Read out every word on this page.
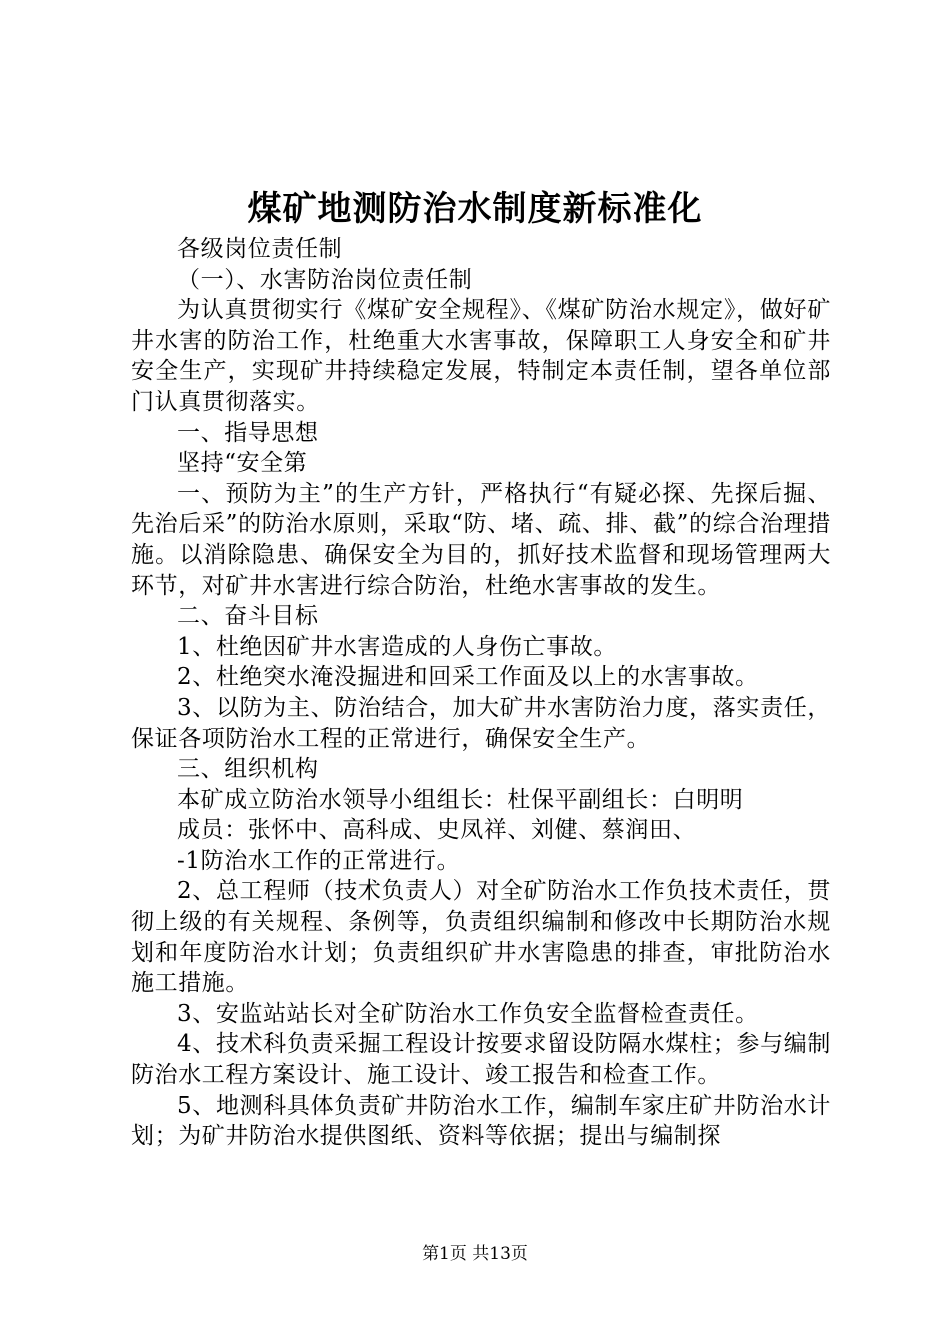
煤矿地测防治水制度新标准化

各级岗位责任制

（一）、水害防治岗位责任制

为认真贯彻实行《煤矿安全规程》、《煤矿防治水规定》，做好矿井水害的防治工作，杜绝重大水害事故，保障职工人身安全和矿井安全生产，实现矿井持续稳定发展，特制定本责任制，望各单位部门认真贯彻落实。

一、指导思想

坚持“安全第

一、预防为主”的生产方针，严格执行“有疑必探、先探后掘、先治后采”的防治水原则，采取“防、堵、疏、排、截”的综合治理措施。以消除隐患、确保安全为目的，抓好技术监督和现场管理两大环节，对矿井水害进行综合防治，杜绝水害事故的发生。

二、奋斗目标

1、杜绝因矿井水害造成的人身伤亡事故。

2、杜绝突水淹没掘进和回采工作面及以上的水害事故。

3、以防为主、防治结合，加大矿井水害防治力度，落实责任，保证各项防治水工程的正常进行，确保安全生产。

三、组织机构

本矿成立防治水领导小组组长：杜保平副组长：白明明

成员：张怀中、高科成、史凤祥、刘健、蔡润田、

-1防治水工作的正常进行。

2、总工程师（技术负责人）对全矿防治水工作负技术责任，贯彻上级的有关规程、条例等，负责组织编制和修改中长期防治水规划和年度防治水计划；负责组织矿井水害隐患的排查，审批防治水施工措施。

3、安监站站长对全矿防治水工作负安全监督检查责任。

4、技术科负责采掘工程设计按要求留设防隔水煤柱；参与编制防治水工程方案设计、施工设计、竣工报告和检查工作。

5、地测科具体负责矿井防治水工作，编制车家庄矿井防治水计划；为矿井防治水提供图纸、资料等依据；提出与编制探

第1页 共13页
